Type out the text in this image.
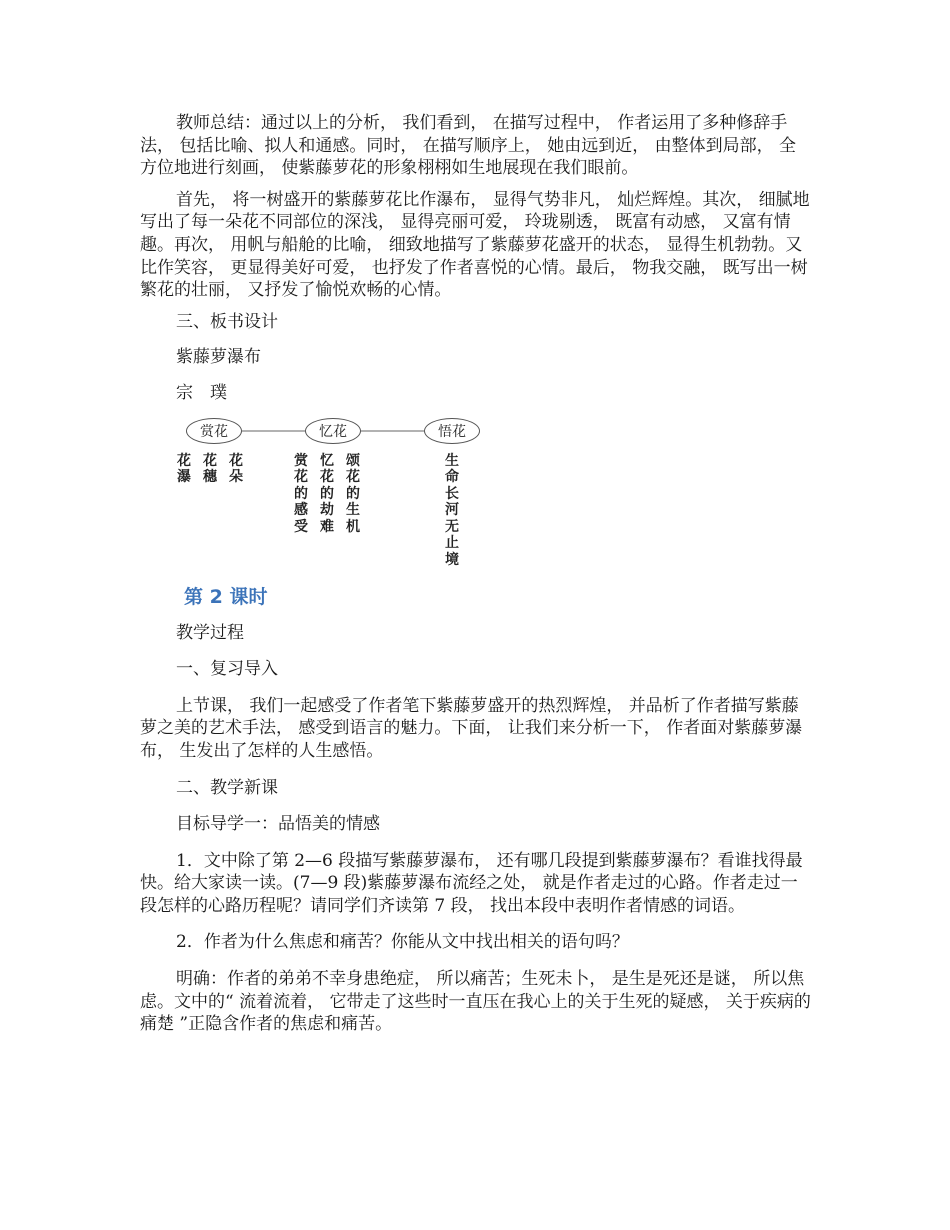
教师总结：通过以上的分析， 我们看到， 在描写过程中， 作者运用了多种修辞手法， 包括比喻、拟人和通感。同时， 在描写顺序上， 她由远到近， 由整体到局部， 全方位地进行刻画， 使紫藤萝花的形象栩栩如生地展现在我们眼前。

首先， 将一树盛开的紫藤萝花比作瀑布， 显得气势非凡， 灿烂辉煌。其次， 细腻地写出了每一朵花不同部位的深浅， 显得亮丽可爱， 玲珑剔透， 既富有动感， 又富有情趣。再次， 用帆与船舱的比喻， 细致地描写了紫藤萝花盛开的状态， 显得生机勃勃。又比作笑容， 更显得美好可爱， 也抒发了作者喜悦的心情。最后， 物我交融， 既写出一树繁花的壮丽， 又抒发了愉悦欢畅的心情。

三、板书设计

紫藤萝瀑布

宗　璞

赏花	忆花	悟花
花瀑
花穗
花朵
赏花的感受
忆花的劫难
颂花的生机
生命长河无止境

第 2 课时

教学过程

一、复习导入

上节课， 我们一起感受了作者笔下紫藤萝盛开的热烈辉煌， 并品析了作者描写紫藤萝之美的艺术手法， 感受到语言的魅力。下面， 让我们来分析一下， 作者面对紫藤萝瀑布， 生发出了怎样的人生感悟。

二、教学新课

目标导学一：品悟美的情感

1．文中除了第 2—6 段描写紫藤萝瀑布， 还有哪几段提到紫藤萝瀑布？看谁找得最快。给大家读一读。(7—9 段)紫藤萝瀑布流经之处， 就是作者走过的心路。作者走过一段怎样的心路历程呢？请同学们齐读第 7 段， 找出本段中表明作者情感的词语。

2．作者为什么焦虑和痛苦？你能从文中找出相关的语句吗？

明确：作者的弟弟不幸身患绝症， 所以痛苦；生死未卜， 是生是死还是谜， 所以焦虑。文中的“ 流着流着， 它带走了这些时一直压在我心上的关于生死的疑感， 关于疾病的痛楚 ”正隐含作者的焦虑和痛苦。
